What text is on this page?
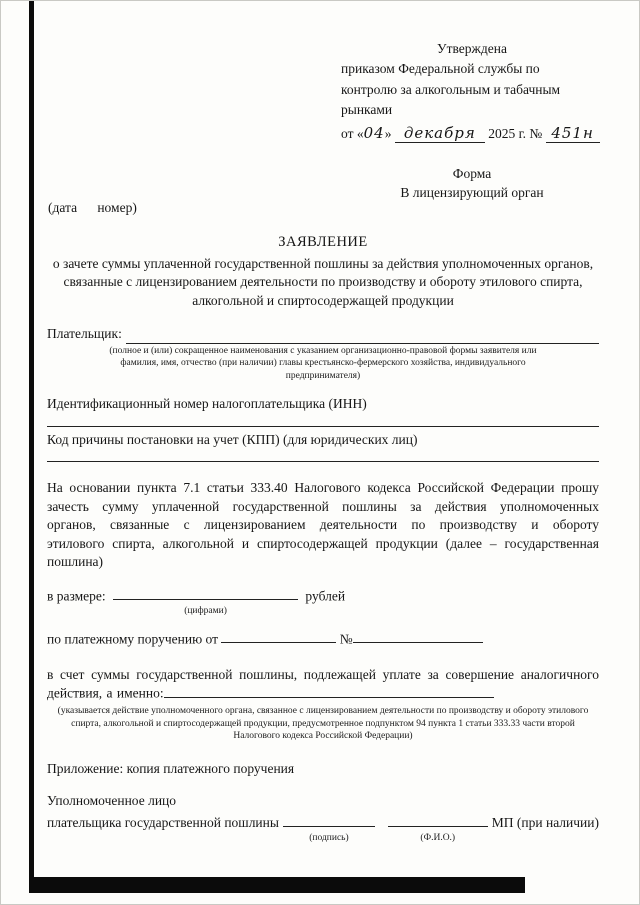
Утверждена
приказом Федеральной службы по
контролю за алкогольным и табачным
рынками
от «04» декабря 2025 г. № 451н
Форма
В лицензирующий орган
(дата      номер)
ЗАЯВЛЕНИЕ
о зачете суммы уплаченной государственной пошлины за действия уполномоченных органов, связанные с лицензированием деятельности по производству и обороту этилового спирта, алкогольной и спиртосодержащей продукции
Плательщик:
(полное и (или) сокращенное наименования с указанием организационно-правовой формы заявителя или фамилия, имя, отчество (при наличии) главы крестьянско-фермерского хозяйства, индивидуального предпринимателя)
Идентификационный номер налогоплательщика (ИНН)
Код причины постановки на учет (КПП) (для юридических лиц)
На основании пункта 7.1 статьи 333.40 Налогового кодекса Российской Федерации прошу зачесть сумму уплаченной государственной пошлины за действия уполномоченных органов, связанные с лицензированием деятельности по производству и обороту этилового спирта, алкогольной и спиртосодержащей продукции (далее – государственная пошлина)
в размере:
(цифрами)
рублей
по платежному поручению от	№
в счет суммы государственной пошлины, подлежащей уплате за совершение аналогичного действия, а именно:
(указывается действие уполномоченного органа, связанное с лицензированием деятельности по производству и обороту этилового спирта, алкогольной и спиртосодержащей продукции, предусмотренное подпунктом 94 пункта 1 статьи 333.33 части второй Налогового кодекса Российской Федерации)
Приложение: копия платежного поручения
Уполномоченное лицо
плательщика государственной пошлины
(подпись)	(Ф.И.О.)
МП (при наличии)
